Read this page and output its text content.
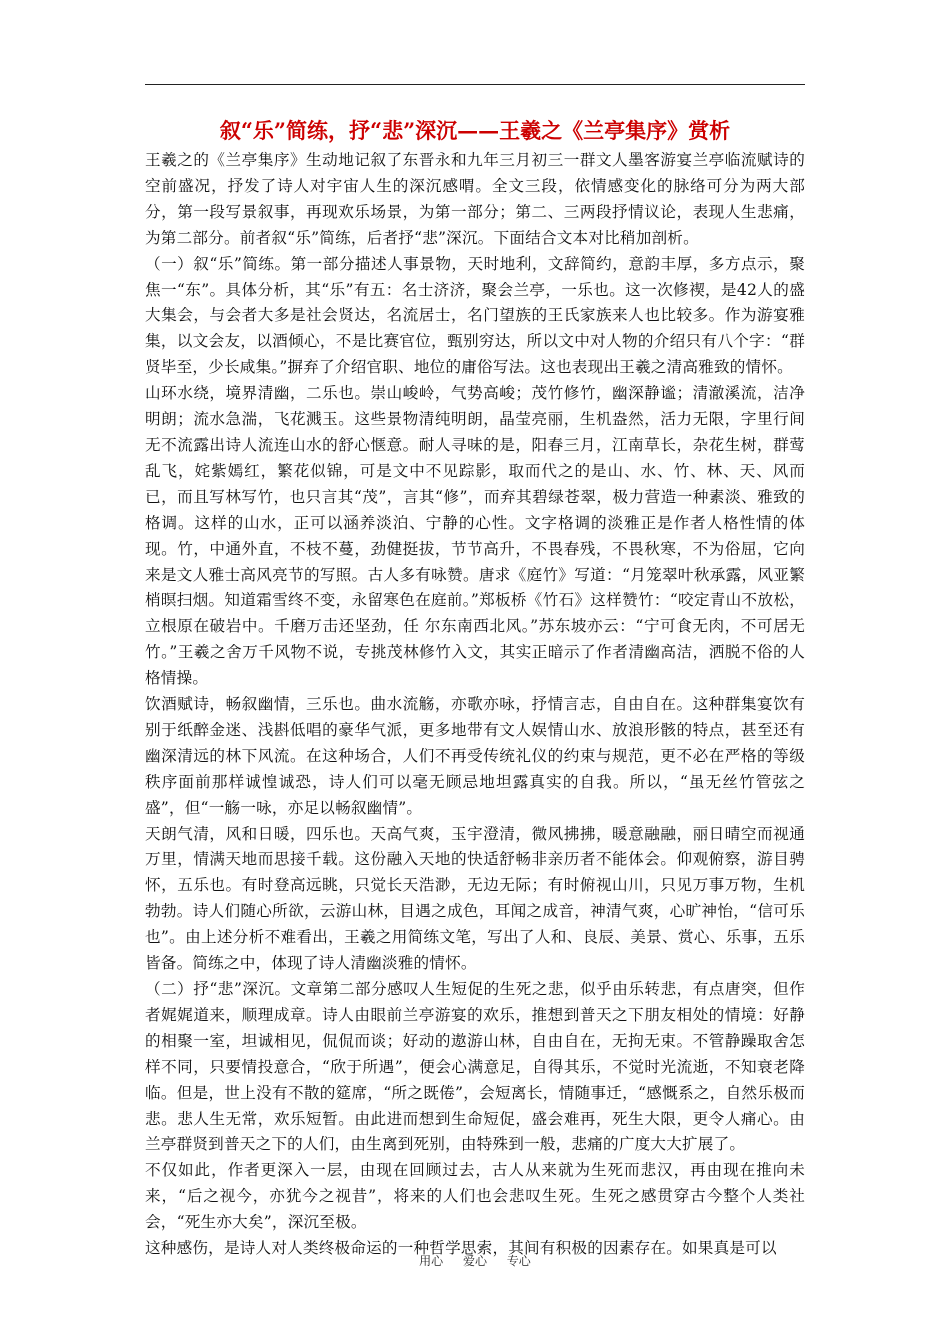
叙“乐”简练，抒“悲”深沉——王羲之《兰亭集序》赏析

王羲之的《兰亭集序》生动地记叙了东晋永和九年三月初三一群文人墨客游宴兰亭临流赋诗的空前盛况，抒发了诗人对宇宙人生的深沉感喟。全文三段，依情感变化的脉络可分为两大部分，第一段写景叙事，再现欢乐场景，为第一部分；第二、三两段抒情议论，表现人生悲痛，为第二部分。前者叙“乐”简练，后者抒“悲”深沉。下面结合文本对比稍加剖析。

（一）叙“乐”简练。第一部分描述人事景物，天时地利，文辞简约，意韵丰厚，多方点示，聚焦一“东”。具体分析，其“乐”有五：名士济济，聚会兰亭，一乐也。这一次修禊，是42人的盛大集会，与会者大多是社会贤达，名流居士，名门望族的王氏家族来人也比较多。作为游宴雅集，以文会友，以酒倾心，不是比赛官位，甄别穷达，所以文中对人物的介绍只有八个字：“群贤毕至，少长咸集。”摒弃了介绍官职、地位的庸俗写法。这也表现出王羲之清高雅致的情怀。

山环水绕，境界清幽，二乐也。崇山峻岭，气势高峻；茂竹修竹，幽深静谧；清澈溪流，洁净明朗；流水急湍，飞花溅玉。这些景物清纯明朗，晶莹亮丽，生机盎然，活力无限，字里行间无不流露出诗人流连山水的舒心惬意。耐人寻味的是，阳春三月，江南草长，杂花生树，群莺乱飞，姹紫嫣红，繁花似锦，可是文中不见踪影，取而代之的是山、水、竹、林、天、风而已，而且写林写竹，也只言其“茂”，言其“修”，而弃其碧绿苍翠，极力营造一种素淡、雅致的格调。这样的山水，正可以涵养淡泊、宁静的心性。文字格调的淡雅正是作者人格性情的体现。竹，中通外直，不枝不蔓，劲健挺拔，节节高升，不畏春残，不畏秋寒，不为俗屈，它向来是文人雅士高风亮节的写照。古人多有咏赞。唐求《庭竹》写道：“月笼翠叶秋承露，风亚繁梢暝扫烟。知道霜雪终不变，永留寒色在庭前。”郑板桥《竹石》这样赞竹：“咬定青山不放松，立根原在破岩中。千磨万击还坚劲，任 尔东南西北风。”苏东坡亦云：“宁可食无肉，不可居无竹。”王羲之舍万千风物不说，专挑茂林修竹入文，其实正暗示了作者清幽高洁，洒脱不俗的人格情操。

饮酒赋诗，畅叙幽情，三乐也。曲水流觞，亦歌亦咏，抒情言志，自由自在。这种群集宴饮有别于纸醉金迷、浅斟低唱的豪华气派，更多地带有文人娱情山水、放浪形骸的特点，甚至还有幽深清远的林下风流。在这种场合，人们不再受传统礼仪的约束与规范，更不必在严格的等级秩序面前那样诚惶诚恐，诗人们可以毫无顾忌地坦露真实的自我。所以，“虽无丝竹管弦之盛”，但“一觞一咏，亦足以畅叙幽情”。

天朗气清，风和日暖，四乐也。天高气爽，玉宇澄清，微风拂拂，暖意融融，丽日晴空而视通万里，情满天地而思接千载。这份融入天地的快适舒畅非亲历者不能体会。仰观俯察，游目骋怀，五乐也。有时登高远眺，只觉长天浩渺，无边无际；有时俯视山川，只见万事万物，生机勃勃。诗人们随心所欲，云游山林，目遇之成色，耳闻之成音，神清气爽，心旷神怡，“信可乐也”。由上述分析不难看出，王羲之用简练文笔，写出了人和、良辰、美景、赏心、乐事，五乐皆备。简练之中，体现了诗人清幽淡雅的情怀。

（二）抒“悲”深沉。文章第二部分感叹人生短促的生死之悲，似乎由乐转悲，有点唐突，但作者娓娓道来，顺理成章。诗人由眼前兰亭游宴的欢乐，推想到普天之下朋友相处的情境：好静的相聚一室，坦诚相见，侃侃而谈；好动的遨游山林，自由自在，无拘无束。不管静躁取舍怎样不同，只要情投意合，“欣于所遇”，便会心满意足，自得其乐，不觉时光流逝，不知衰老降临。但是，世上没有不散的筵席，“所之既倦”，会短离长，情随事迁，“感慨系之，自然乐极而悲。悲人生无常，欢乐短暂。由此进而想到生命短促，盛会难再，死生大限，更令人痛心。由兰亭群贤到普天之下的人们，由生离到死别，由特殊到一般，悲痛的广度大大扩展了。

不仅如此，作者更深入一层，由现在回顾过去，古人从来就为生死而悲汉，再由现在推向未来，“后之视今，亦犹今之视昔”，将来的人们也会悲叹生死。生死之感贯穿古今整个人类社会，“死生亦大矣”，深沉至极。

这种感伤，是诗人对人类终极命运的一种哲学思索，其间有积极的因素存在。如果真是可以

用心 爱心 专心
